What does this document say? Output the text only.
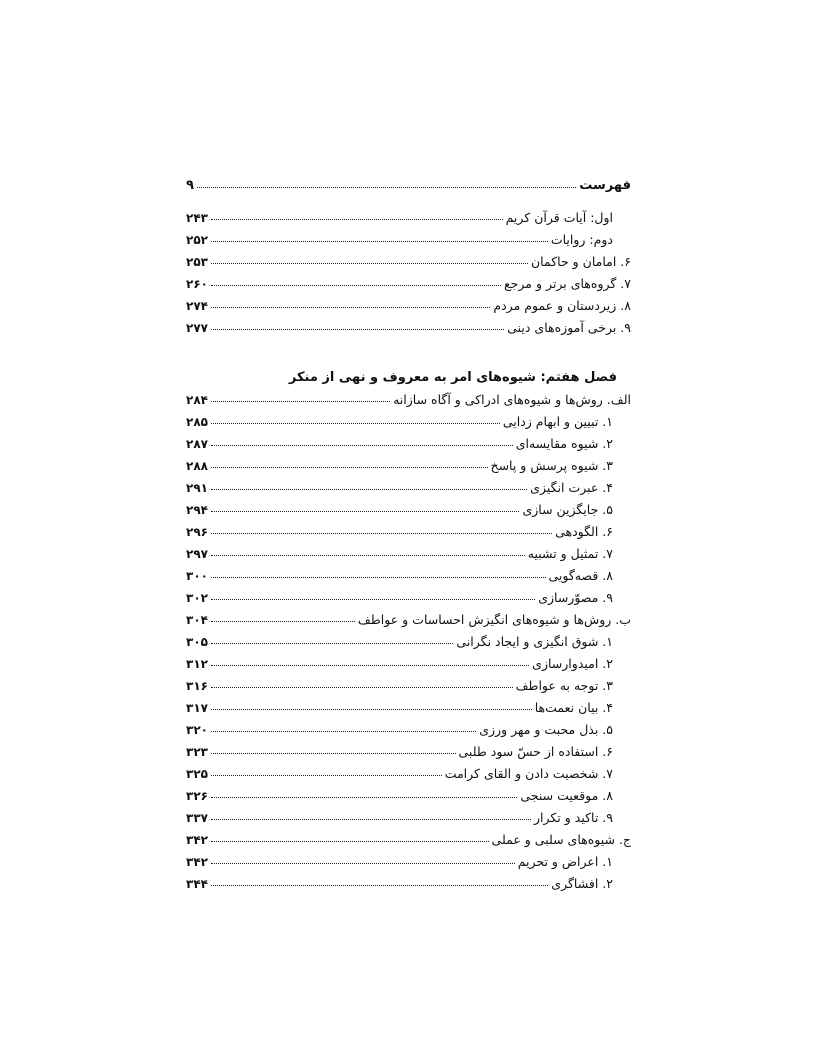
فهرست
۹
اول: آیات قرآن کریم
۲۴۳
دوم: روایات
۲۵۲
۶. امامان و حاکمان
۲۵۳
۷. گروه‌های برتر و مرجع
۲۶۰
۸. زیردستان و عموم مردم
۲۷۴
۹. برخی آموزه‌های دینی
۲۷۷
فصل هفتم: شیوه‌های امر به معروف و نهی از منکر
الف. روش‌ها و شیوه‌های ادراکی و آگاه سازانه
۲۸۴
۱. تبیین و ابهام زدایی
۲۸۵
۲. شیوه مقایسه‌ای
۲۸۷
۳. شیوه پرسش و پاسخ
۲۸۸
۴. عبرت انگیزی
۲۹۱
۵. جایگزین سازی
۲۹۴
۶. الگودهی
۲۹۶
۷. تمثیل و تشبیه
۲۹۷
۸. قصه‌گویی
۳۰۰
۹. مصوّرسازی
۳۰۲
ب. روش‌ها و شیوه‌های انگیزش احساسات و عواطف
۳۰۴
۱. شوق انگیزی و ایجاد نگرانی
۳۰۵
۲. امیدوارسازی
۳۱۲
۳. توجه به عواطف
۳۱۶
۴. بیان نعمت‌ها
۳۱۷
۵. بذل محبت و مهر ورزی
۳۲۰
۶. استفاده از حسّ سود طلبی
۳۲۳
۷. شخصیت دادن و القای کرامت
۳۲۵
۸. موقعیت سنجی
۳۲۶
۹. تاکید و تکرار
۳۳۷
ج. شیوه‌های سلبی و عملی
۳۴۲
۱. اعراض و تحریم
۳۴۲
۲. افشاگری
۳۴۴
